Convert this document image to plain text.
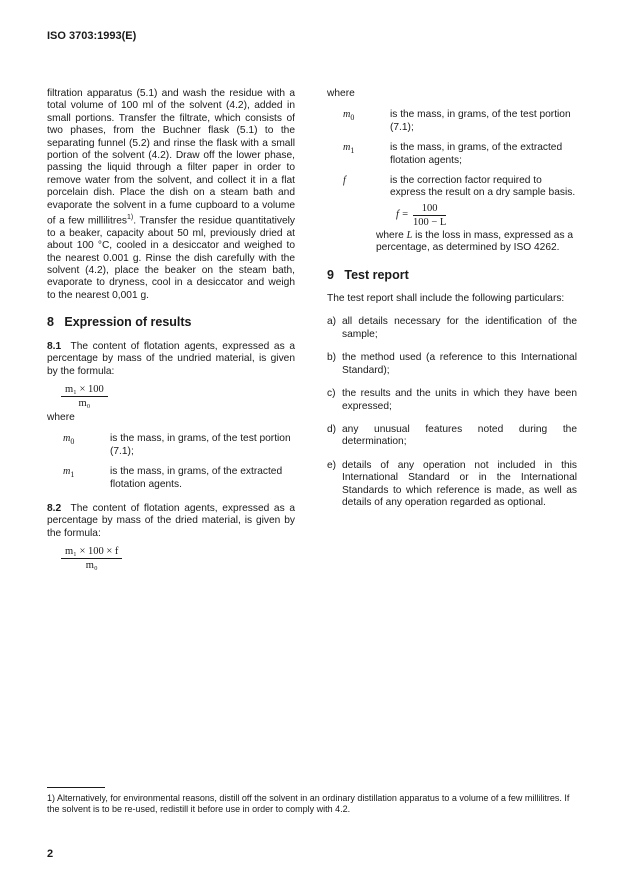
ISO 3703:1993(E)

filtration apparatus (5.1) and wash the residue with a total volume of 100 ml of the solvent (4.2), added in small portions. Transfer the filtrate, which consists of two phases, from the Buchner flask (5.1) to the separating funnel (5.2) and rinse the flask with a small portion of the solvent (4.2). Draw off the lower phase, passing the liquid through a filter paper in order to remove water from the solvent, and collect it in a flat porcelain dish. Place the dish on a steam bath and evaporate the solvent in a fume cupboard to a volume of a few millilitres$^{1)}$. Transfer the residue quantitatively to a beaker, capacity about 50 ml, previously dried at about 100 °C, cooled in a desiccator and weighed to the nearest 0.001 g. Rinse the dish carefully with the solvent (4.2), place the beaker on the steam bath, evaporate to dryness, cool in a desiccator and weigh to the nearest 0,001 g.

8   Expression of results

8.1 The content of flotation agents, expressed as a percentage by mass of the undried material, is given by the formula:

$\frac{\text{m₁ × 100}}{\text{m₀}}$

where

$m_0$	is the mass, in grams, of the test portion (7.1);
$m_1$	is the mass, in grams, of the extracted flotation agents.

8.2 The content of flotation agents, expressed as a percentage by mass of the dried material, is given by the formula:

$\frac{\text{m₁ × 100 × f}}{\text{m₀}}$

where

$m_0$	is the mass, in grams, of the test portion (7.1);
$m_1$	is the mass, in grams, of the extracted flotation agents;
f	is the correction factor required to express the result on a dry sample basis.
$f = \frac{100}{100 - L}$

where L is the loss in mass, expressed as a percentage, as determined by ISO 4262.

9   Test report

The test report shall include the following particulars:

a) all details necessary for the identification of the sample;
b) the method used (a reference to this International Standard);
c) the results and the units in which they have been expressed;
d) any unusual features noted during the determination;
e) details of any operation not included in this International Standard or in the International Standards to which reference is made, as well as details of any operation regarded as optional.
1) Alternatively, for environmental reasons, distill off the solvent in an ordinary distillation apparatus to a volume of a few millilitres. If the solvent is to be re-used, redistill it before use in order to comply with 4.2.
2
